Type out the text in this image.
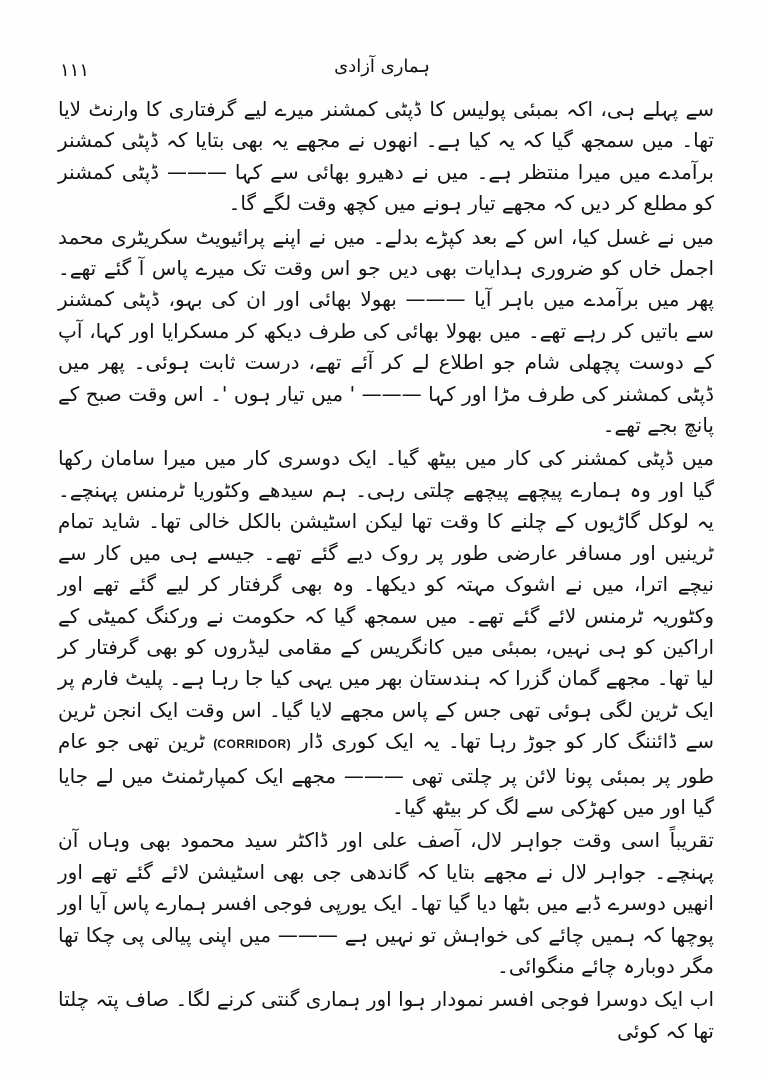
١١١	ہماری آزادی

سے پہلے ہی، اکہ بمبئی پولیس کا ڈپٹی کمشنر میرے لیے گرفتاری کا وارنٹ لایا تھا۔ میں سمجھ گیا کہ یہ کیا ہے۔ انھوں نے مجھے یہ بھی بتایا کہ ڈپٹی کمشنر برآمدے میں میرا منتظر ہے۔ میں نے دھیرو بھائی سے کہا ——— ڈپٹی کمشنر کو مطلع کر دیں کہ مجھے تیار ہونے میں کچھ وقت لگے گا۔

میں نے غسل کیا، اس کے بعد کپڑے بدلے۔ میں نے اپنے پرائیویٹ سکریٹری محمد اجمل خاں کو ضروری ہدایات بھی دیں جو اس وقت تک میرے پاس آ گئے تھے۔ پھر میں برآمدے میں باہر آیا ——— بھولا بھائی اور ان کی بہو، ڈپٹی کمشنر سے باتیں کر رہے تھے۔ میں بھولا بھائی کی طرف دیکھ کر مسکرایا اور کہا، آپ کے دوست پچھلی شام جو اطلاع لے کر آئے تھے، درست ثابت ہوئی۔ پھر میں ڈپٹی کمشنر کی طرف مڑا اور کہا ——— ' میں تیار ہوں '۔ اس وقت صبح کے پانچ بجے تھے۔

میں ڈپٹی کمشنر کی کار میں بیٹھ گیا۔ ایک دوسری کار میں میرا سامان رکھا گیا اور وہ ہمارے پیچھے پیچھے چلتی رہی۔ ہم سیدھے وکٹوریا ٹرمنس پہنچے۔ یہ لوکل گاڑیوں کے چلنے کا وقت تھا لیکن اسٹیشن بالکل خالی تھا۔ شاید تمام ٹرینیں اور مسافر عارضی طور پر روک دیے گئے تھے۔ جیسے ہی میں کار سے نیچے اترا، میں نے اشوک مہتہ کو دیکھا۔ وہ بھی گرفتار کر لیے گئے تھے اور وکٹوریہ ٹرمنس لائے گئے تھے۔ میں سمجھ گیا کہ حکومت نے ورکنگ کمیٹی کے اراکین کو ہی نہیں، بمبئی میں کانگریس کے مقامی لیڈروں کو بھی گرفتار کر لیا تھا۔ مجھے گمان گزرا کہ ہندستان بھر میں یہی کیا جا رہا ہے۔ پلیٹ فارم پر ایک ٹرین لگی ہوئی تھی جس کے پاس مجھے لایا گیا۔ اس وقت ایک انجن ٹرین سے ڈائننگ کار کو جوڑ رہا تھا۔ یہ ایک کوری ڈار (CORRIDOR) ٹرین تھی جو عام طور پر بمبئی پونا لائن پر چلتی تھی ——— مجھے ایک کمپارٹمنٹ میں لے جایا گیا اور میں کھڑکی سے لگ کر بیٹھ گیا۔

تقریباً اسی وقت جواہر لال، آصف علی اور ڈاکٹر سید محمود بھی وہاں آن پہنچے۔ جواہر لال نے مجھے بتایا کہ گاندھی جی بھی اسٹیشن لائے گئے تھے اور انھیں دوسرے ڈبے میں بٹھا دیا گیا تھا۔ ایک یورپی فوجی افسر ہمارے پاس آیا اور پوچھا کہ ہمیں چائے کی خواہش تو نہیں ہے ——— میں اپنی پیالی پی چکا تھا مگر دوبارہ چائے منگوائی۔

اب ایک دوسرا فوجی افسر نمودار ہوا اور ہماری گنتی کرنے لگا۔ صاف پتہ چلتا تھا کہ کوئی
